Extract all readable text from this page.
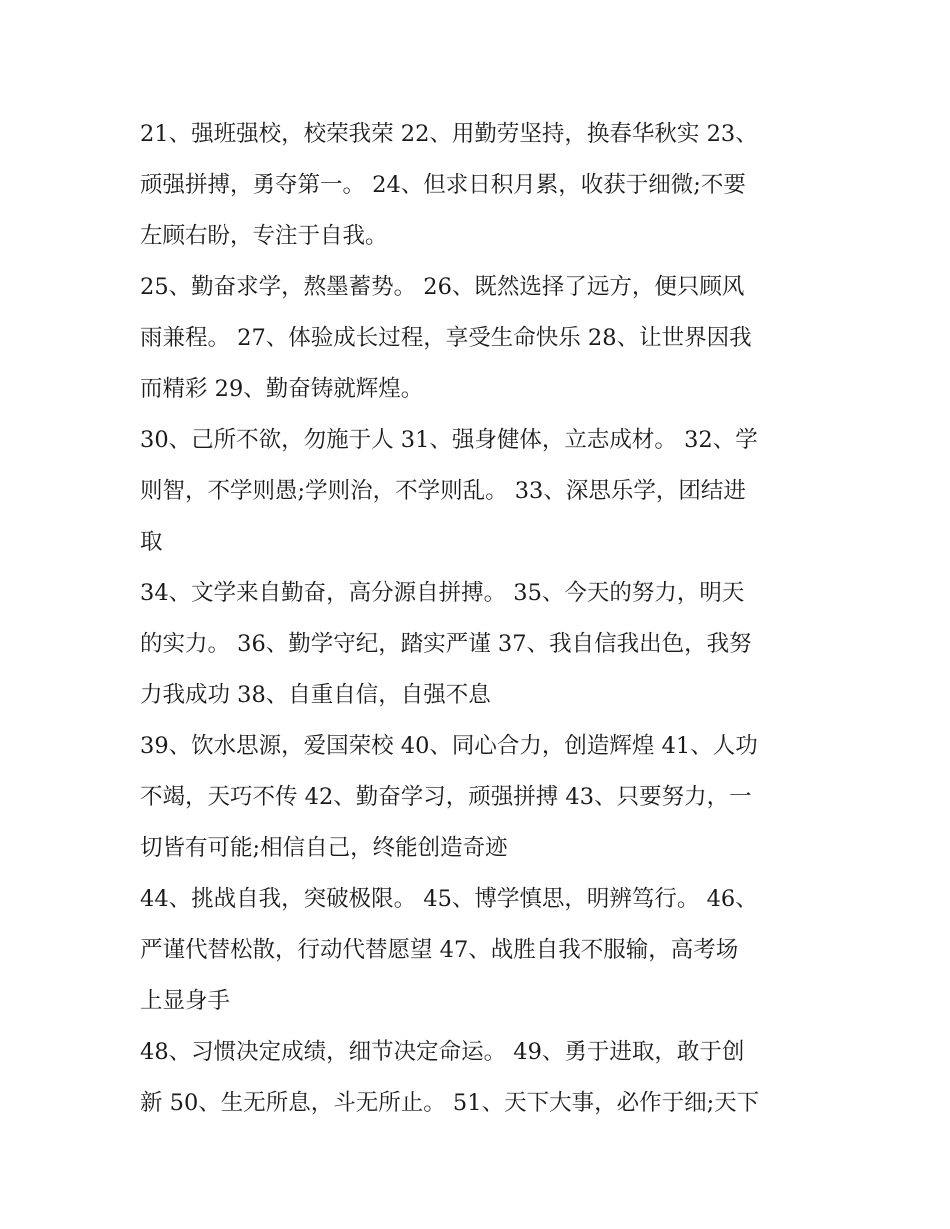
21、强班强校，校荣我荣 22、用勤劳坚持，换春华秋实 23、
顽强拼搏，勇夺第一。 24、但求日积月累，收获于细微;不要
左顾右盼，专注于自我。

25、勤奋求学，熬墨蓄势。 26、既然选择了远方，便只顾风
雨兼程。 27、体验成长过程，享受生命快乐 28、让世界因我
而精彩 29、勤奋铸就辉煌。

30、己所不欲，勿施于人 31、强身健体，立志成材。 32、学
则智，不学则愚;学则治，不学则乱。 33、深思乐学，团结进
取

34、文学来自勤奋，高分源自拼搏。 35、今天的努力，明天
的实力。 36、勤学守纪，踏实严谨 37、我自信我出色，我努
力我成功 38、自重自信，自强不息

39、饮水思源，爱国荣校 40、同心合力，创造辉煌 41、人功
不竭，天巧不传 42、勤奋学习，顽强拼搏 43、只要努力，一
切皆有可能;相信自己，终能创造奇迹

44、挑战自我，突破极限。 45、博学慎思，明辨笃行。 46、
严谨代替松散，行动代替愿望 47、战胜自我不服输，高考场
上显身手

48、习惯决定成绩，细节决定命运。 49、勇于进取，敢于创
新 50、生无所息，斗无所止。 51、天下大事，必作于细;天下
